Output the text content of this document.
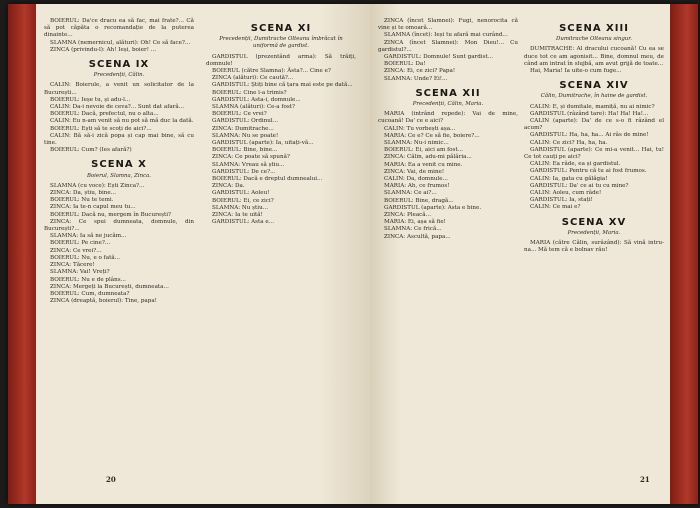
BOIERUL: Da'ce dracu ea să fac, mai frate?... Că să pot căpăta o recomandație de la puterea dinainte...

SLAMNA (nemernicul, alături): Oh! Ce să face?...

ZINCA (privindu-l): Ah! Ieși, boier! ...

SCENA IX
Precedenții, Călin.

CALIN: Boierule, a venit un solicitator de la București...

BOIERUL: Ieșe tu, și adu-l...

CALIN: Da-i nevoie de ceva?... Sunt dat afară...

BOIERUL: Dacă, prefectul, nu o alta...

CALIN: Eu n-am venit să nu pot să mă duc la dată.

BOIERUL: Ești să te scoți de aici?...

CALIN: Bă să-i zică popa și cap mai bine, să cu tine.

BOIERUL: Cum? (Ies afară?)

SCENA X
Boierul, Slamna, Zinca.

SLAMNA (cu voce): Ești Zinca?...

ZINCA: Da, știu, bine...

BOIERUL: Nu te temi.

ZINCA: Ia te-n capul meu tu...

BOIERUL: Dacă nu, mergem în București?

ZINCA: Ce spui dumneata, domnule, din București?...

SLAMNA: Ia să ne jucăm...

BOIERUL: Pe cine?...

ZINCA: Ce vrei?...

BOIERUL: Nu, e o fată...

ZINCA: Tăcere!

SLAMNA: Vai! Vreți?

BOIERUL: Nu e de plâns...

ZINCA: Mergeți la București, dumneata...

BOIERUL: Cum, dumneata?

ZINCA (dreaptă, boierul): Tine, papa!

SCENA XI
Precedenții, Dumitrache Olteanu îmbrăcat în uniformă de gardist.

GARDISTUL (prezentând arma): Să trăiți, domnule!

BOIERUL (către Slamna): Ăsta?... Cine e?

ZINCA (alături): Ce caută?...

GARDISTUL: Știți bine că țara mai este pe dată...

BOIERUL: Cine l-a trimis?

GARDISTUL: Asta-i, domnule...

SLAMNA (alături): Ce-a fost?

BOIERUL: Ce vrei?

GARDISTUL: Ordinul...

ZINCA: Dumitrache...

SLAMNA: Nu se poate!

GARDISTUL (aparte): Ia, uitați-vă...

BOIERUL: Bine, bine...

ZINCA: Ce poate să spună?

SLAMNA: Vreau să știu...

GARDISTUL: De ce?...

BOIERUL: Dacă e dreptul dumnealui...

ZINCA: Da.

GARDISTUL: Aoleu!

BOIERUL: Ei, ce zici?

SLAMNA: Nu știu...

ZINCA: Ia te uită!

GARDISTUL: Asta e...

20

ZINCA (încet Slamnei): Fugi, nenorocita că vine și te omoară...

SLAMNA (încet): Ieși tu afară mai curând...

ZINCA (încet Slamnei): Mon Dieu!... Cu gardistul?...

GARDISTUL: Domnule! Sunt gardist...

BOIERUL: Da!

ZINCA: Ei, ce zici? Papa!

SLAMNA: Unde? Ei!...

SCENA XII
Precedenții, Călin, Maria.

MARIA (intrând repede): Vai de mine, cucoană! Da' ce e aici?

CALIN: Tu vorbești așa...

MARIA: Ce e? Ce să fie, boiere?...

SLAMNA: Nu-i nimic...

BOIERUL: Ei, aici am fost...

ZINCA: Călin, adu-mi pălăria...

MARIA: Ea a venit cu mine.

ZINCA: Vai, de mine!

CALIN: Da, domnule...

MARIA: Ah, ce frumos!

SLAMNA: Ce ai?...

BOIERUL: Bine, dragă...

GARDISTUL (aparte): Asta e bine.

ZINCA: Pleacă...

MARIA: Ei, așa să fie!

SLAMNA: Ce frică...

ZINCA: Ascultă, papa...

SCENA XIII
Dumitrache Olteanu singur.

DUMITRACHE: Al dracului cucoană! Cu ea se duce tot ce am agonisit... Bine, domnul meu, de când am intrat în slujbă, am avut grijă de toate...

Hai, Maria! Ia uite-o cum fuge...

SCENA XIV
Călin, Dumitrache, în haine de gardist.

CALIN: E, și dumitale, mamiță, nu ai nimic?

GARDISTUL (râzând tare): Ha! Ha! Ha!...

CALIN (aparte): Da' de ce s-o fi râzând el acum?

GARDISTUL: Ha, ha, ha... Ai râs de mine!

CALIN: Ce zici? Ha, ha, ha.

GARDISTUL (aparte): Ce mi-a venit... Hai, tu! Ce tot cauți pe aici?

CALIN: Ea râde, ea și gardistul.

GARDISTUL: Pentru că tu ai fost frumos.

CALIN: Ia, gata cu gălăgia!

GARDISTUL: Da' ce ai tu cu mine?

CALIN: Aoleu, cum râde!

GARDISTUL: Ia, stați!

CALIN: Ce mai e?

SCENA XV
Precedenții, Maria.

MARIA (către Călin, surâzând): Să vină intru-na... Mă tem că e bolnav rău!

21
